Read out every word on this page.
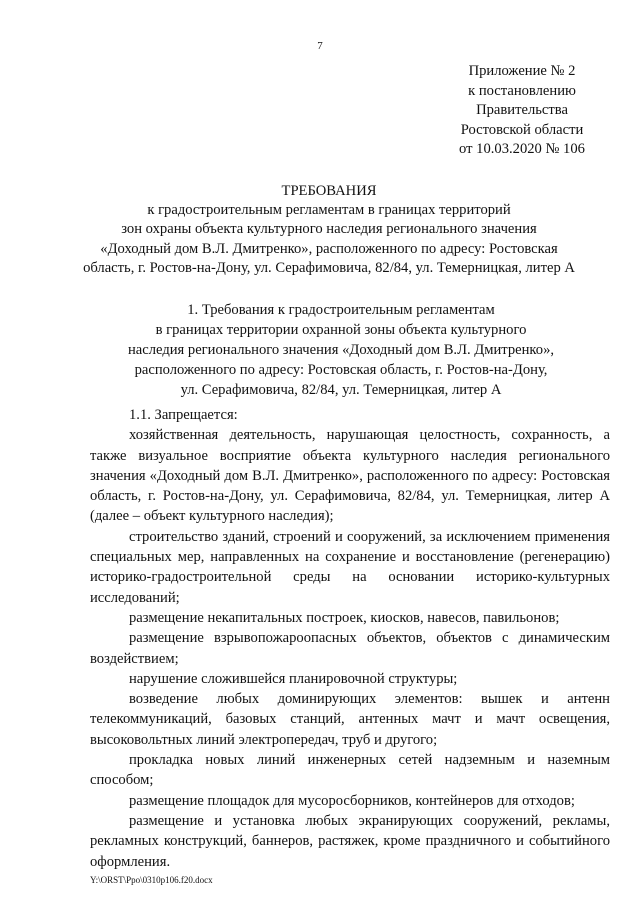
7
Приложение № 2
к постановлению
Правительства
Ростовской области
от 10.03.2020 № 106
ТРЕБОВАНИЯ
к градостроительным регламентам в границах территорий
зон охраны объекта культурного наследия регионального значения
«Доходный дом В.Л. Дмитренко», расположенного по адресу: Ростовская
область, г. Ростов-на-Дону, ул. Серафимовича, 82/84, ул. Темерницкая, литер А
1. Требования к градостроительным регламентам
в границах территории охранной зоны объекта культурного
наследия регионального значения «Доходный дом В.Л. Дмитренко»,
расположенного по адресу: Ростовская область, г. Ростов-на-Дону,
ул. Серафимовича, 82/84, ул. Темерницкая, литер А

1.1. Запрещается:

хозяйственная деятельность, нарушающая целостность, сохранность, а также визуальное восприятие объекта культурного наследия регионального значения «Доходный дом В.Л. Дмитренко», расположенного по адресу: Ростовская область, г. Ростов-на-Дону, ул. Серафимовича, 82/84, ул. Темерницкая, литер А (далее – объект культурного наследия);

строительство зданий, строений и сооружений, за исключением применения специальных мер, направленных на сохранение и восстановление (регенерацию) историко-градостроительной среды на основании историко-культурных исследований;

размещение некапитальных построек, киосков, навесов, павильонов;

размещение взрывопожароопасных объектов, объектов с динамическим воздействием;

нарушение сложившейся планировочной структуры;

возведение любых доминирующих элементов: вышек и антенн телекоммуникаций, базовых станций, антенных мачт и мачт освещения, высоковольтных линий электропередач, труб и другого;

прокладка новых линий инженерных сетей надземным и наземным способом;

размещение площадок для мусоросборников, контейнеров для отходов;

размещение и установка любых экранирующих сооружений, рекламы, рекламных конструкций, баннеров, растяжек, кроме праздничного и событийного оформления.

Y:\ORST\Ppo\0310p106.f20.docx
